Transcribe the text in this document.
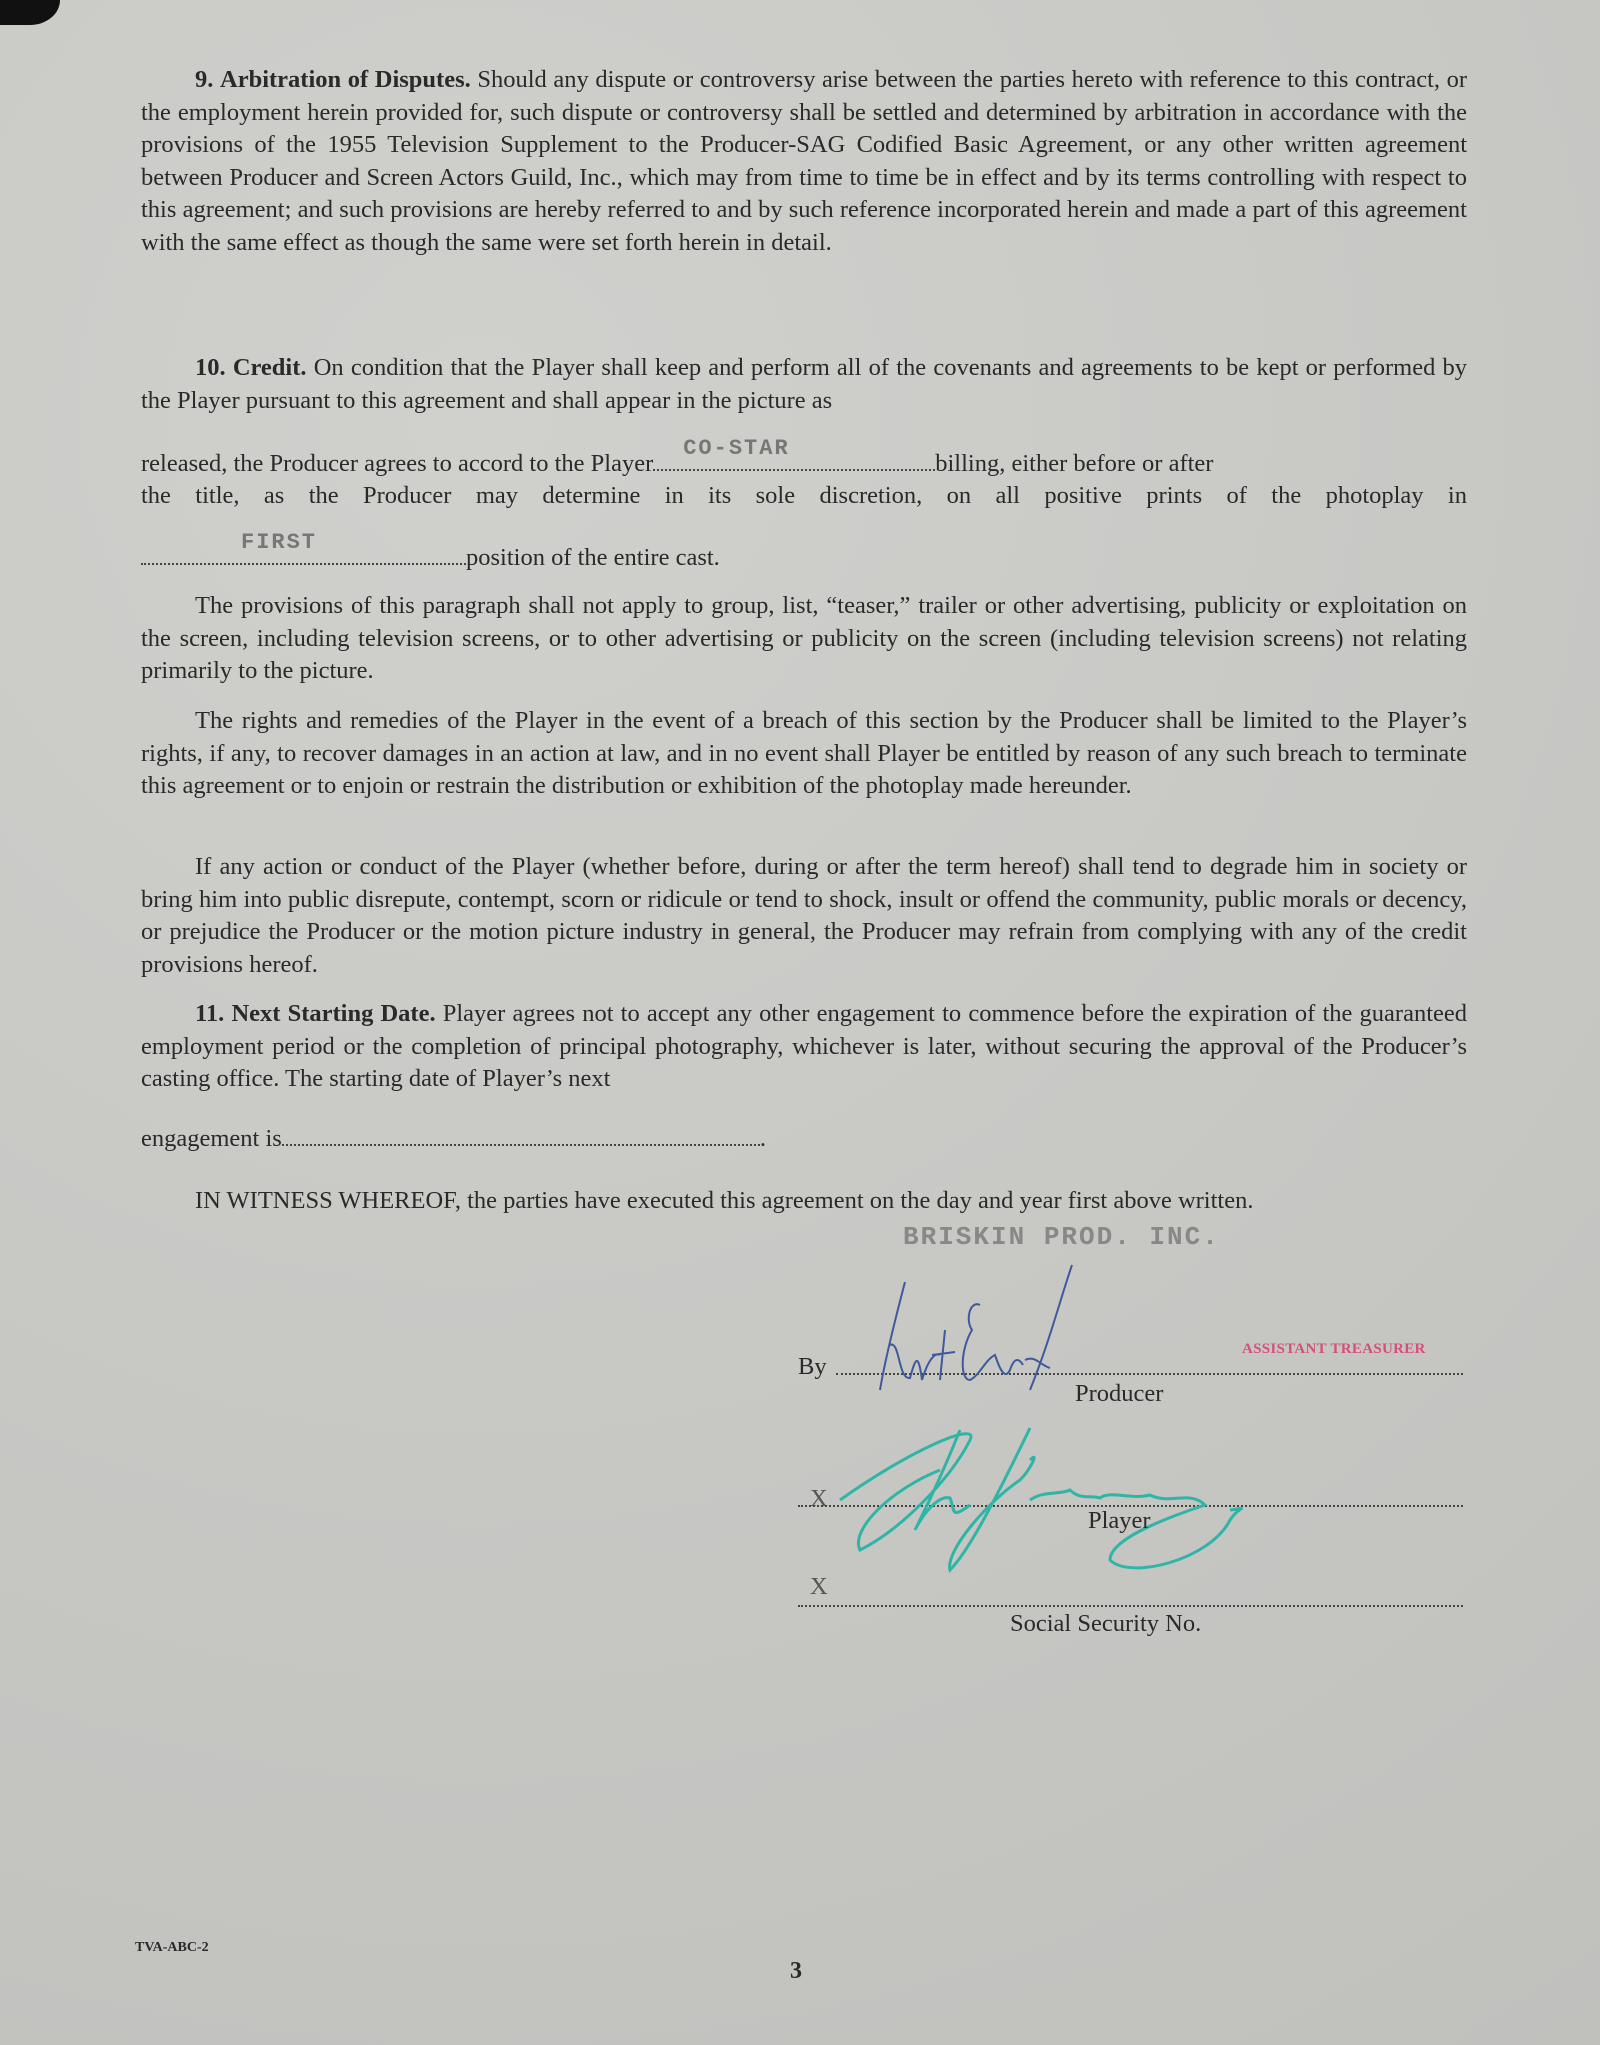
9. Arbitration of Disputes. Should any dispute or controversy arise between the parties hereto with reference to this contract, or the employment herein provided for, such dispute or controversy shall be settled and determined by arbitration in accordance with the provisions of the 1955 Television Supplement to the Producer-SAG Codified Basic Agreement, or any other written agreement between Producer and Screen Actors Guild, Inc., which may from time to time be in effect and by its terms controlling with respect to this agreement; and such provisions are hereby referred to and by such reference incorporated herein and made a part of this agreement with the same effect as though the same were set forth herein in detail.
10. Credit. On condition that the Player shall keep and perform all of the covenants and agreements to be kept or performed by the Player pursuant to this agreement and shall appear in the picture as
released, the Producer agrees to accord to the Player
CO-STAR
billing, either before or after
the title, as the Producer may determine in its sole discretion, on all positive prints of the photoplay in
FIRST
position of the entire cast.
The provisions of this paragraph shall not apply to group, list, “teaser,” trailer or other advertising, publicity or exploitation on the screen, including television screens, or to other advertising or publicity on the screen (including television screens) not relating primarily to the picture.
The rights and remedies of the Player in the event of a breach of this section by the Producer shall be limited to the Player’s rights, if any, to recover damages in an action at law, and in no event shall Player be entitled by reason of any such breach to terminate this agreement or to enjoin or restrain the distribution or exhibition of the photoplay made hereunder.
If any action or conduct of the Player (whether before, during or after the term hereof) shall tend to degrade him in society or bring him into public disrepute, contempt, scorn or ridicule or tend to shock, insult or offend the community, public morals or decency, or prejudice the Producer or the motion picture industry in general, the Producer may refrain from complying with any of the credit provisions hereof.
11. Next Starting Date. Player agrees not to accept any other engagement to commence before the expiration of the guaranteed employment period or the completion of principal photography, whichever is later, without securing the approval of the Producer’s casting office. The starting date of Player’s next
engagement is	.
IN WITNESS WHEREOF, the parties have executed this agreement on the day and year first above written.
BRISKIN PROD. INC.
By
ASSISTANT TREASURER
Producer
X
Player
X
Social Security No.
TVA-ABC-2
3
